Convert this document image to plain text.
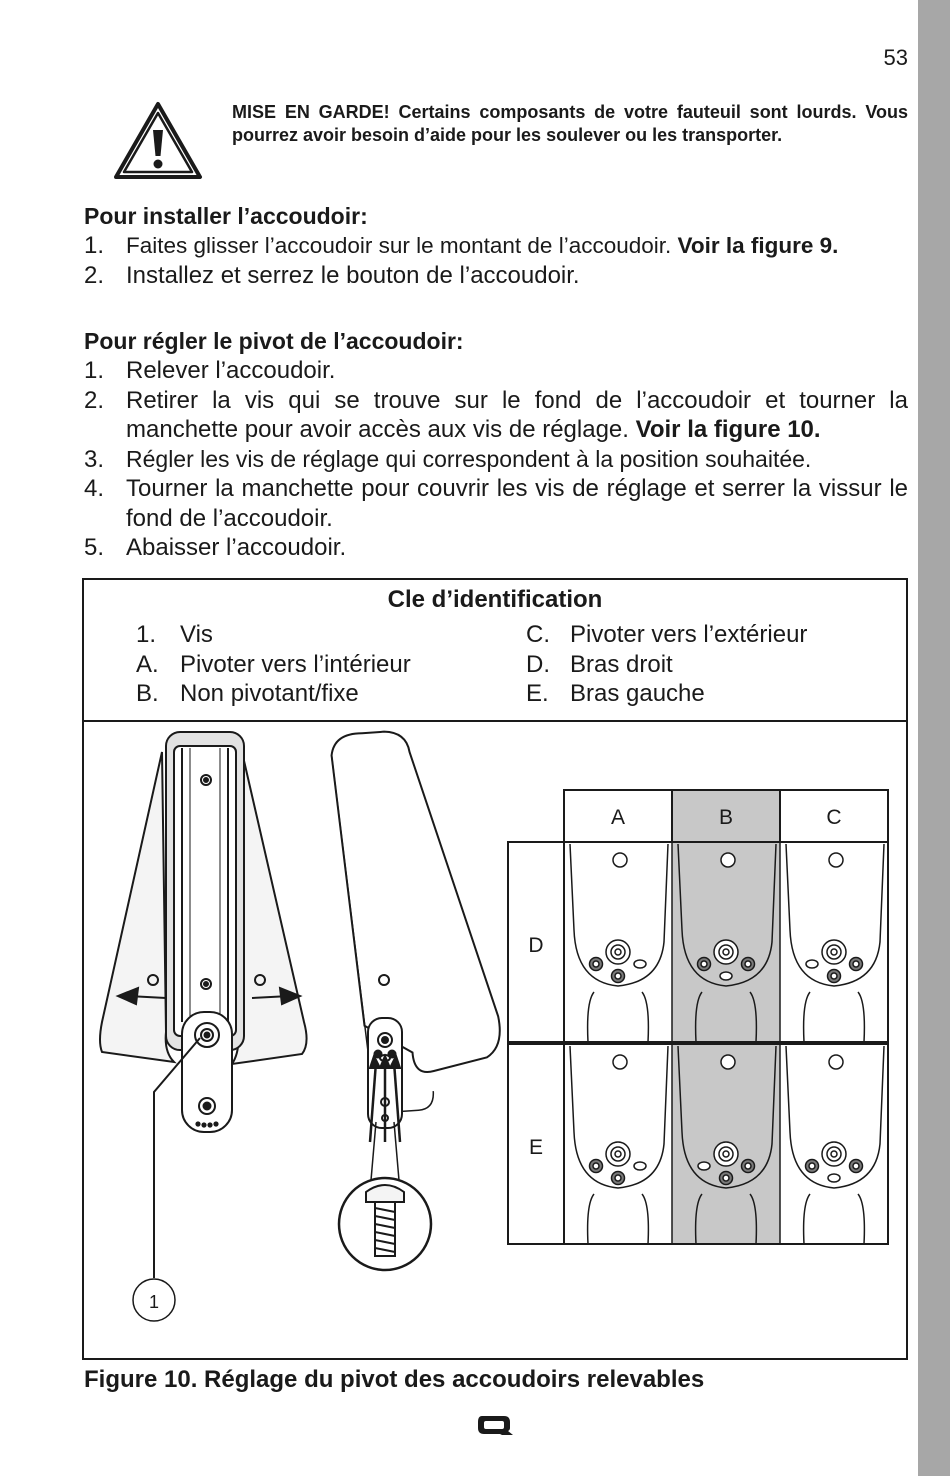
53
MISE EN GARDE! Certains composants de votre fauteuil sont lourds. Vous pourrez avoir besoin d’aide pour les soulever ou les transporter.
Pour installer l’accoudoir:
1. Faites glisser l’accoudoir sur le montant de l’accoudoir. Voir la figure 9.
2. Installez et serrez le bouton de l’accoudoir.
Pour régler le pivot de l’accoudoir:
1. Relever l’accoudoir.
2. Retirer la vis qui se trouve sur le fond de l’accoudoir et tourner la manchette pour avoir accès aux vis de réglage. Voir la figure 10.
3. Régler les vis de réglage qui correspondent à la position souhaitée.
4. Tourner la manchette pour couvrir les vis de réglage et serrer la vissur le fond de l’accoudoir.
5. Abaisser l’accoudoir.
Cle d’identification
1. Vis
A. Pivoter vers l’intérieur
B. Non pivotant/fixe
C. Pivoter vers l’extérieur
D. Bras droit
E. Bras gauche
1
A	B	C
D
E
Figure 10. Réglage du pivot des accoudoirs relevables
